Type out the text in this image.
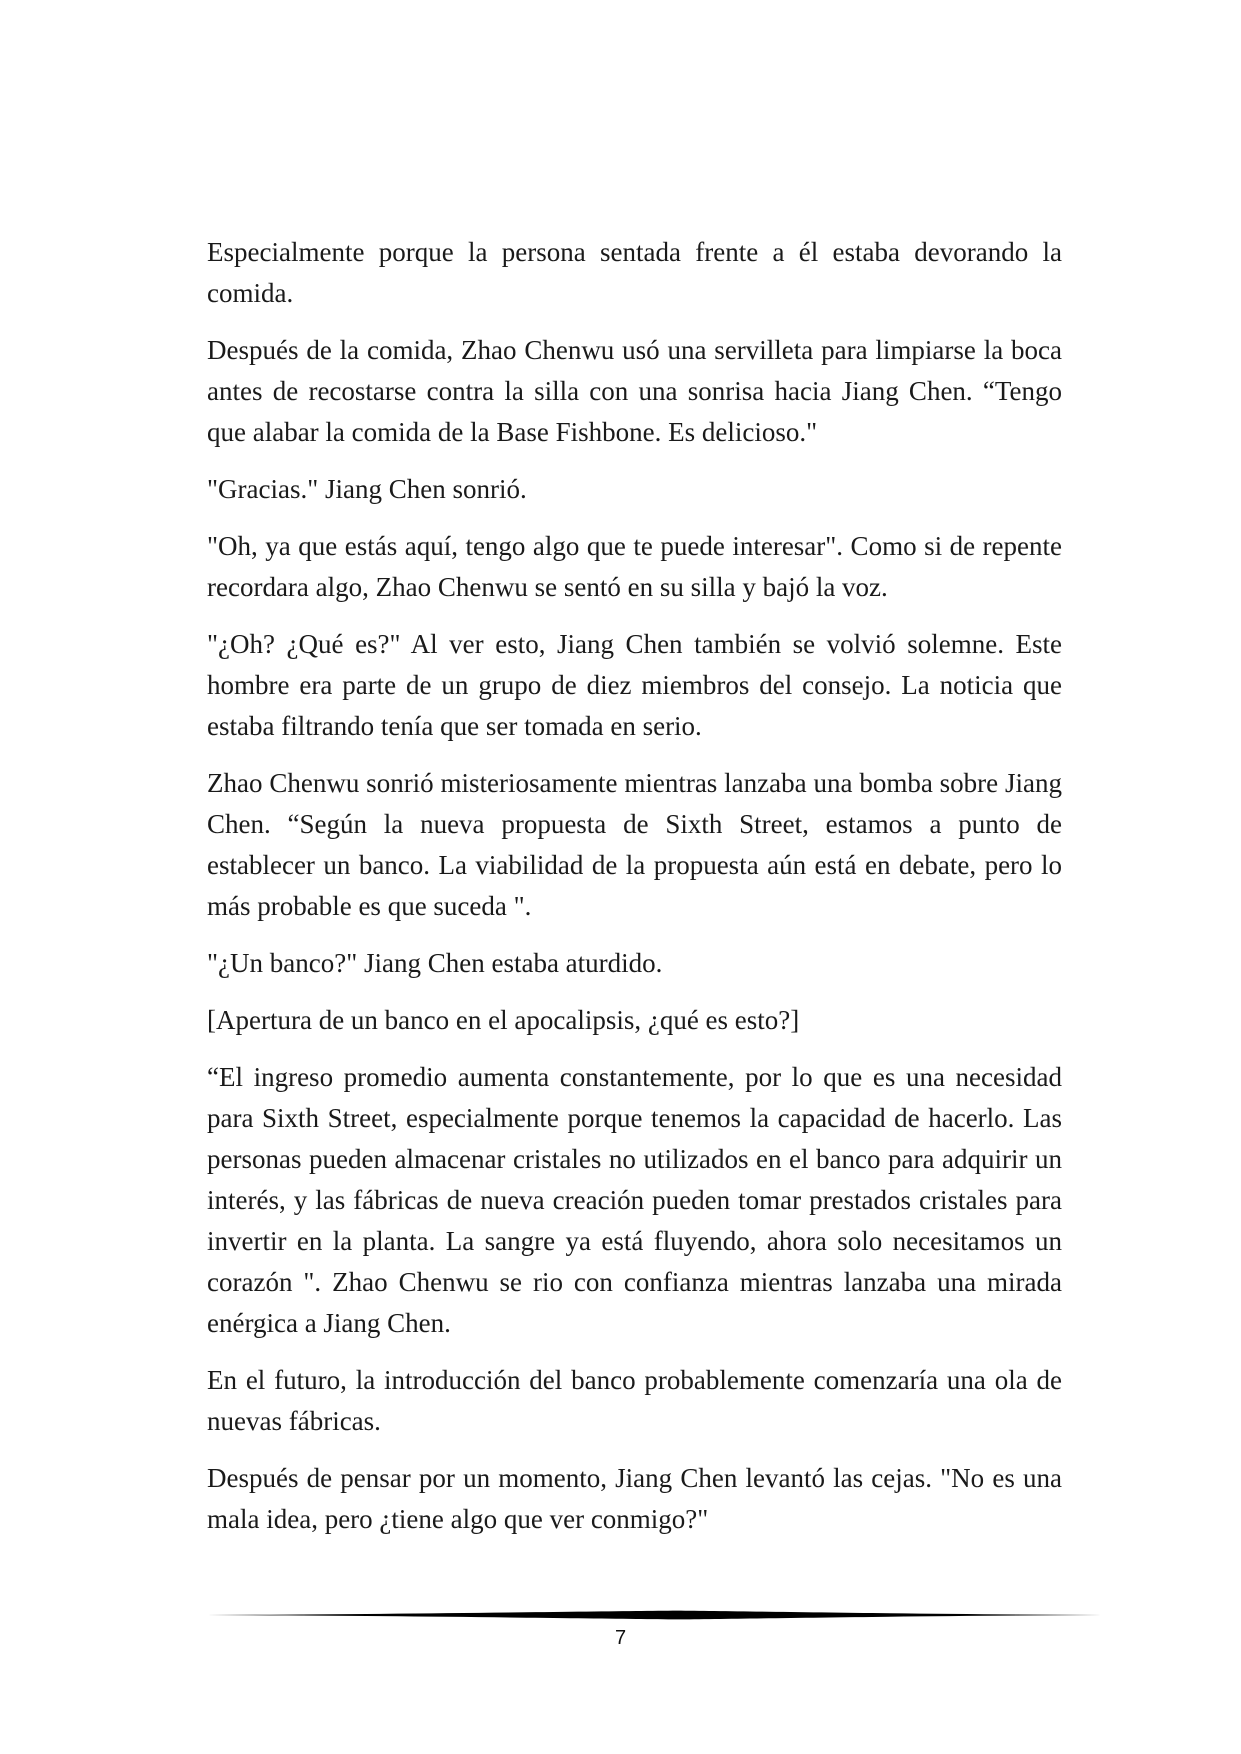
Especialmente porque la persona sentada frente a él estaba devorando la comida.

Después de la comida, Zhao Chenwu usó una servilleta para limpiarse la boca antes de recostarse contra la silla con una sonrisa hacia Jiang Chen. “Tengo que alabar la comida de la Base Fishbone. Es delicioso."

"Gracias." Jiang Chen sonrió.

"Oh, ya que estás aquí, tengo algo que te puede interesar". Como si de repente recordara algo, Zhao Chenwu se sentó en su silla y bajó la voz.

"¿Oh? ¿Qué es?" Al ver esto, Jiang Chen también se volvió solemne. Este hombre era parte de un grupo de diez miembros del consejo. La noticia que estaba filtrando tenía que ser tomada en serio.

Zhao Chenwu sonrió misteriosamente mientras lanzaba una bomba sobre Jiang Chen. “Según la nueva propuesta de Sixth Street, estamos a punto de establecer un banco. La viabilidad de la propuesta aún está en debate, pero lo más probable es que suceda ".

"¿Un banco?" Jiang Chen estaba aturdido.

[Apertura de un banco en el apocalipsis, ¿qué es esto?]

“El ingreso promedio aumenta constantemente, por lo que es una necesidad para Sixth Street, especialmente porque tenemos la capacidad de hacerlo. Las personas pueden almacenar cristales no utilizados en el banco para adquirir un interés, y las fábricas de nueva creación pueden tomar prestados cristales para invertir en la planta. La sangre ya está fluyendo, ahora solo necesitamos un corazón ". Zhao Chenwu se rio con confianza mientras lanzaba una mirada enérgica a Jiang Chen.

En el futuro, la introducción del banco probablemente comenzaría una ola de nuevas fábricas.

Después de pensar por un momento, Jiang Chen levantó las cejas. "No es una mala idea, pero ¿tiene algo que ver conmigo?"

7
